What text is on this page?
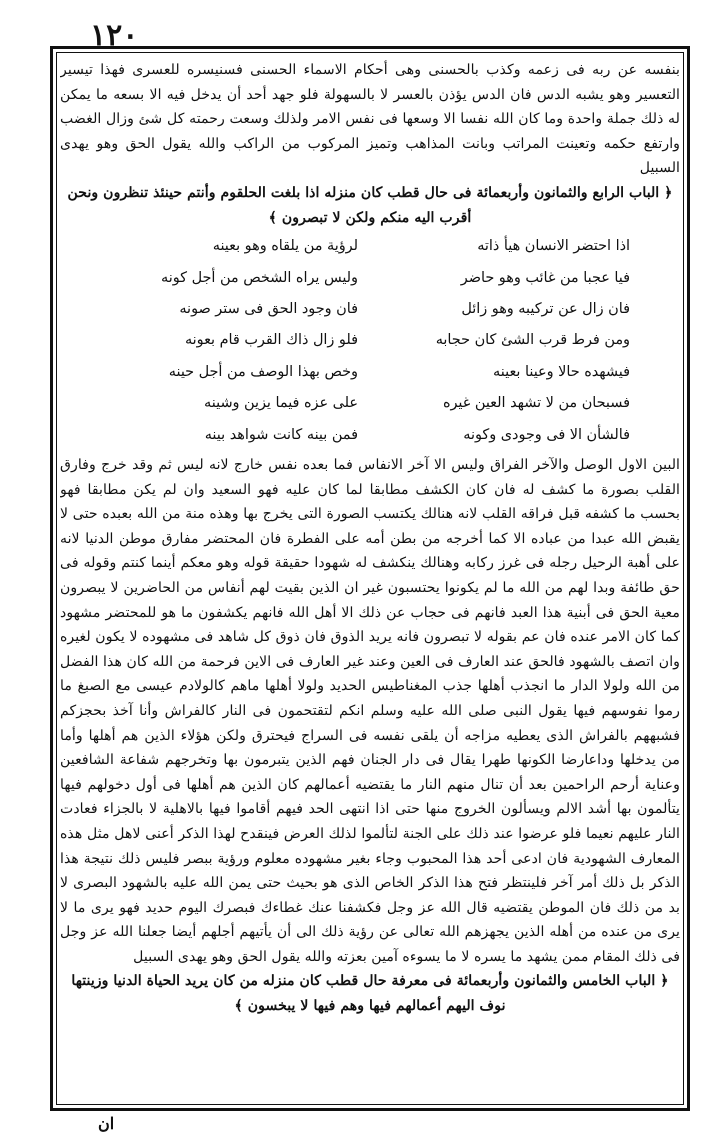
١٢٠

بنفسه عن ربه فى زعمه وكذب بالحسنى وهى أحكام الاسماء الحسنى فسنيسره للعسرى فهذا تيسير التعسير وهو يشبه الدس فان الدس يؤذن بالعسر لا بالسهولة فلو جهد أحد أن يدخل فيه الا بسعه ما يمكن له ذلك جملة واحدة وما كان الله نفسا الا وسعها فى نفس الامر ولذلك وسعت رحمته كل شئ وزال الغضب وارتفع حكمه وتعينت المراتب وبانت المذاهب وتميز المركوب من الراكب والله يقول الحق وهو يهدى السبيل

﴿ الباب الرابع والثمانون وأربعمائة فى حال قطب كان منزله اذا بلغت الحلقوم وأنتم حينئذ تنظرون ونحن أقرب اليه منكم ولكن لا تبصرون ﴾
اذا احتضر الانسان هيأ ذاته
لرؤية من يلقاه وهو بعينه
فيا عجبا من غائب وهو حاضر
وليس يراه الشخص من أجل كونه
فان زال عن تركيبه وهو زائل
فان وجود الحق فى ستر صونه
ومن فرط قرب الشئ كان حجابه
فلو زال ذاك القرب قام بعونه
فيشهده حالا وعينا بعينه
وخص بهذا الوصف من أجل حينه
فسبحان من لا تشهد العين غيره
على عزه فيما يزين وشينه
فالشأن الا فى وجودى وكونه
فمن بينه كانت شواهد بينه

البين الاول الوصل والآخر الفراق وليس الا آخر الانفاس فما بعده نفس خارج لانه ليس ثم وقد خرج وفارق القلب بصورة ما كشف له فان كان الكشف مطابقا لما كان عليه فهو السعيد وان لم يكن مطابقا فهو بحسب ما كشفه قبل فراقه القلب لانه هنالك يكتسب الصورة التى يخرج بها وهذه منة من الله بعبده حتى لا يقبض الله عبدا من عباده الا كما أخرجه من بطن أمه على الفطرة فان المحتضر مفارق موطن الدنيا لانه على أهبة الرحيل رجله فى غرز ركابه وهنالك ينكشف له شهودا حقيقة قوله وهو معكم أينما كنتم وقوله فى حق طائفة وبدا لهم من الله ما لم يكونوا يحتسبون غير ان الذين بقيت لهم أنفاس من الحاضرين لا يبصرون معية الحق فى أبنية هذا العبد فانهم فى حجاب عن ذلك الا أهل الله فانهم يكشفون ما هو للمحتضر مشهود كما كان الامر عنده فان عم بقوله لا تبصرون فانه يريد الذوق فان ذوق كل شاهد فى مشهوده لا يكون لغيره وان اتصف بالشهود فالحق عند العارف فى العين وعند غير العارف فى الاين فرحمة من الله كان هذا الفضل من الله ولولا الدار ما انجذب أهلها جذب المغناطيس الحديد ولولا أهلها ماهم كالولادم عيسى مع الصبغ ما رموا نفوسهم فيها يقول النبى صلى الله عليه وسلم انكم لتقتحمون فى النار كالفراش وأنا آخذ بحجزكم فشبههم بالفراش الذى يعطيه مزاجه أن يلقى نفسه فى السراج فيحترق ولكن هؤلاء الذين هم أهلها وأما من يدخلها وداعارضا الكونها طهرا يقال فى دار الجنان فهم الذين يتبرمون بها وتخرجهم شفاعة الشافعين وعناية أرحم الراحمين بعد أن تنال منهم النار ما يقتضيه أعمالهم كان الذين هم أهلها فى أول دخولهم فيها يتألمون بها أشد الالم ويسألون الخروج منها حتى اذا انتهى الحد فيهم أقاموا فيها بالاهلية لا بالجزاء فعادت النار عليهم نعيما فلو عرضوا عند ذلك على الجنة لتألموا لذلك العرض فينقدح لهذا الذكر أعنى لاهل مثل هذه المعارف الشهودية فان ادعى أحد هذا المحبوب وجاء بغير مشهوده معلوم ورؤية ببصر فليس ذلك نتيجة هذا الذكر بل ذلك أمر آخر فلينتظر فتح هذا الذكر الخاص الذى هو بحيث حتى يمن الله عليه بالشهود البصرى لا بد من ذلك فان الموطن يقتضيه قال الله عز وجل فكشفنا عنك غطاءك فبصرك اليوم حديد فهو يرى ما لا يرى من عنده من أهله الذين يجهزهم الله تعالى عن رؤية ذلك الى أن يأتيهم أجلهم أيضا جعلنا الله عز وجل فى ذلك المقام ممن يشهد ما يسره لا ما يسوءه آمين بعزته والله يقول الحق وهو يهدى السبيل

﴿ الباب الخامس والثمانون وأربعمائة فى معرفة حال قطب كان منزله من كان يريد الحياة الدنيا وزينتها نوف اليهم أعمالهم فيها وهم فيها لا يبخسون ﴾
ان
